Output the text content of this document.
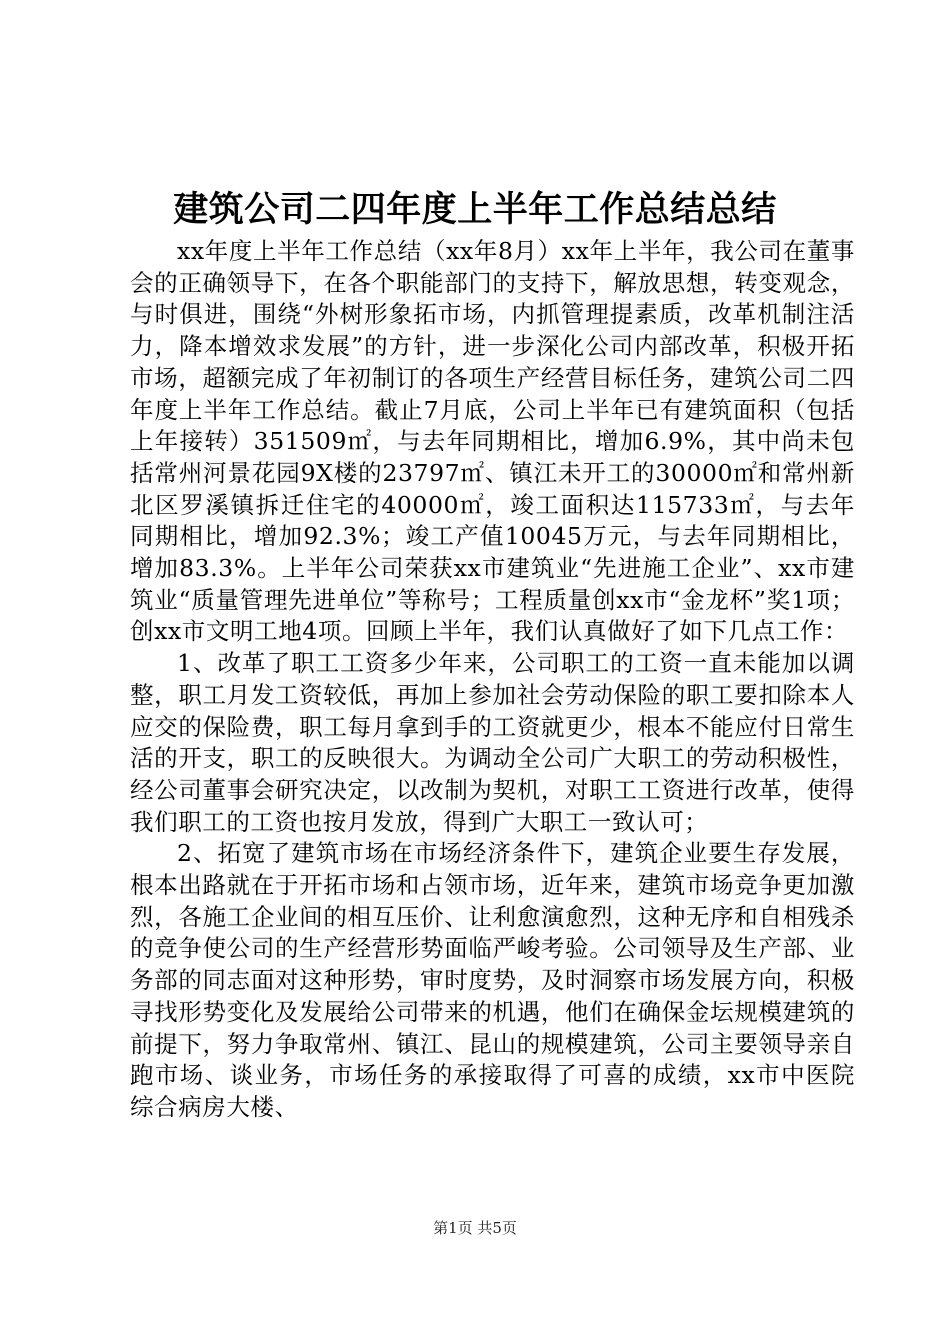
建筑公司二四年度上半年工作总结总结

xx年度上半年工作总结（xx年8月）xx年上半年，我公司在董事会的正确领导下，在各个职能部门的支持下，解放思想，转变观念，与时俱进，围绕“外树形象拓市场，内抓管理提素质，改革机制注活力，降本增效求发展”的方针，进一步深化公司内部改革，积极开拓市场，超额完成了年初制订的各项生产经营目标任务，建筑公司二四年度上半年工作总结。截止7月底，公司上半年已有建筑面积（包括上年接转）351509㎡，与去年同期相比，增加6.9%，其中尚未包括常州河景花园9X楼的23797㎡、镇江未开工的30000㎡和常州新北区罗溪镇拆迁住宅的40000㎡，竣工面积达115733㎡，与去年同期相比，增加92.3%；竣工产值10045万元，与去年同期相比，增加83.3%。上半年公司荣获xx市建筑业“先进施工企业”、xx市建筑业“质量管理先进单位”等称号；工程质量创xx市“金龙杯”奖1项；创xx市文明工地4项。回顾上半年，我们认真做好了如下几点工作：

1、改革了职工工资多少年来，公司职工的工资一直未能加以调整，职工月发工资较低，再加上参加社会劳动保险的职工要扣除本人应交的保险费，职工每月拿到手的工资就更少，根本不能应付日常生活的开支，职工的反映很大。为调动全公司广大职工的劳动积极性，经公司董事会研究决定，以改制为契机，对职工工资进行改革，使得我们职工的工资也按月发放，得到广大职工一致认可；

2、拓宽了建筑市场在市场经济条件下，建筑企业要生存发展，根本出路就在于开拓市场和占领市场，近年来，建筑市场竞争更加激烈，各施工企业间的相互压价、让利愈演愈烈，这种无序和自相残杀的竞争使公司的生产经营形势面临严峻考验。公司领导及生产部、业务部的同志面对这种形势，审时度势，及时洞察市场发展方向，积极寻找形势变化及发展给公司带来的机遇，他们在确保金坛规模建筑的前提下，努力争取常州、镇江、昆山的规模建筑，公司主要领导亲自跑市场、谈业务，市场任务的承接取得了可喜的成绩，xx市中医院综合病房大楼、

第1页 共5页
